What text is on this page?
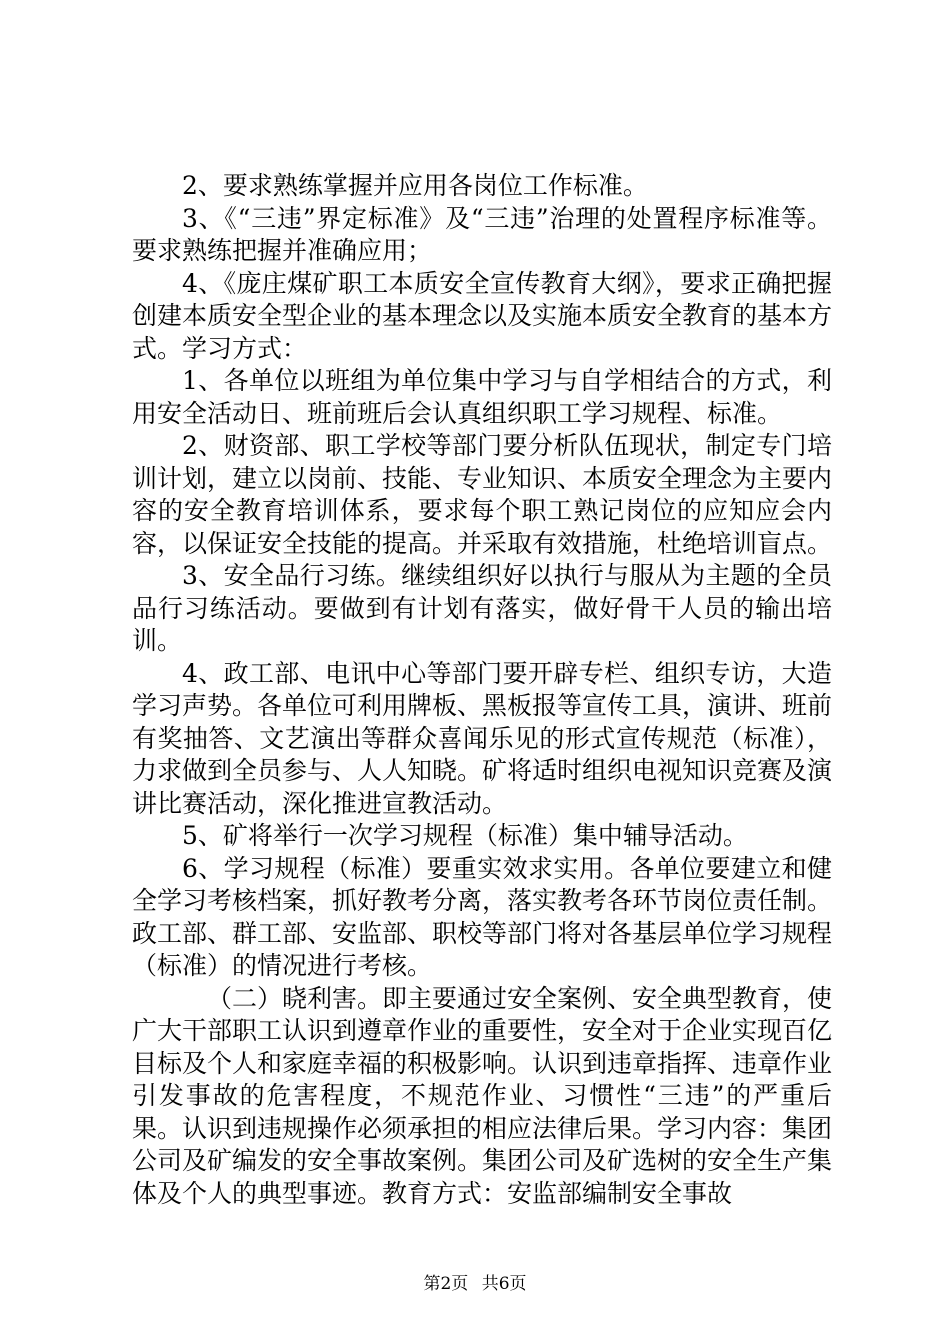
2、要求熟练掌握并应用各岗位工作标准。

3、《“三违”界定标准》及“三违”治理的处置程序标准等。要求熟练把握并准确应用；

4、《庞庄煤矿职工本质安全宣传教育大纲》，要求正确把握创建本质安全型企业的基本理念以及实施本质安全教育的基本方式。学习方式：

1、各单位以班组为单位集中学习与自学相结合的方式，利用安全活动日、班前班后会认真组织职工学习规程、标准。

2、财资部、职工学校等部门要分析队伍现状，制定专门培训计划，建立以岗前、技能、专业知识、本质安全理念为主要内容的安全教育培训体系，要求每个职工熟记岗位的应知应会内容，以保证安全技能的提高。并采取有效措施，杜绝培训盲点。

3、安全品行习练。继续组织好以执行与服从为主题的全员品行习练活动。要做到有计划有落实，做好骨干人员的输出培训。

4、政工部、电讯中心等部门要开辟专栏、组织专访，大造学习声势。各单位可利用牌板、黑板报等宣传工具，演讲、班前有奖抽答、文艺演出等群众喜闻乐见的形式宣传规范（标准），力求做到全员参与、人人知晓。矿将适时组织电视知识竞赛及演讲比赛活动，深化推进宣教活动。

5、矿将举行一次学习规程（标准）集中辅导活动。

6、学习规程（标准）要重实效求实用。各单位要建立和健全学习考核档案，抓好教考分离，落实教考各环节岗位责任制。政工部、群工部、安监部、职校等部门将对各基层单位学习规程（标准）的情况进行考核。

（二）晓利害。即主要通过安全案例、安全典型教育，使广大干部职工认识到遵章作业的重要性，安全对于企业实现百亿目标及个人和家庭幸福的积极影响。认识到违章指挥、违章作业引发事故的危害程度，不规范作业、习惯性“三违”的严重后果。认识到违规操作必须承担的相应法律后果。学习内容：集团公司及矿编发的安全事故案例。集团公司及矿选树的安全生产集体及个人的典型事迹。教育方式：安监部编制安全事故

第2页 共6页
